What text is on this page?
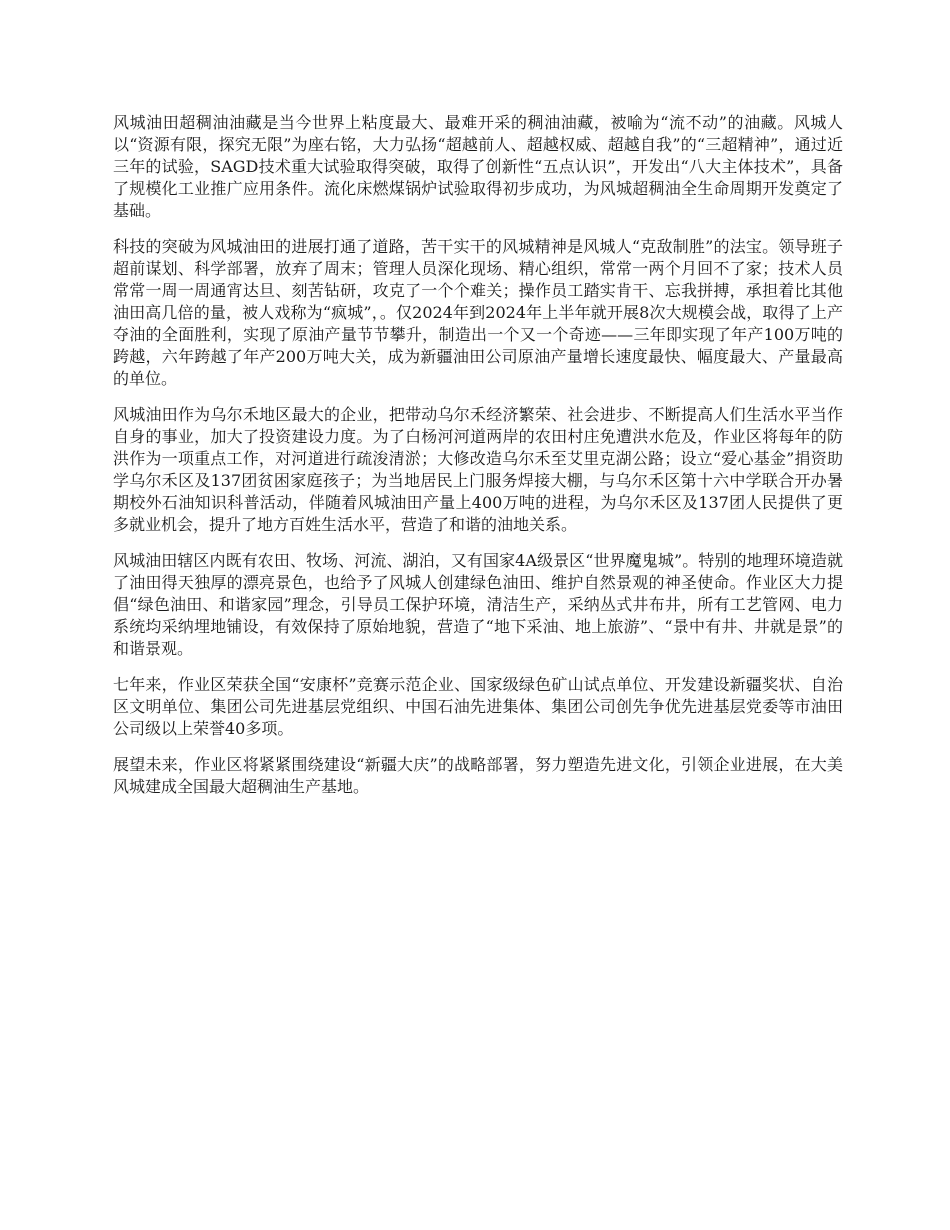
风城油田超稠油油藏是当今世界上粘度最大、最难开采的稠油油藏，被喻为“流不动”的油藏。风城人以“资源有限，探究无限”为座右铭，大力弘扬“超越前人、超越权威、超越自我”的“三超精神”，通过近三年的试验，SAGD技术重大试验取得突破，取得了创新性“五点认识”，开发出“八大主体技术”，具备了规模化工业推广应用条件。流化床燃煤锅炉试验取得初步成功，为风城超稠油全生命周期开发奠定了基础。

科技的突破为风城油田的进展打通了道路，苦干实干的风城精神是风城人“克敌制胜”的法宝。领导班子超前谋划、科学部署，放弃了周末；管理人员深化现场、精心组织，常常一两个月回不了家；技术人员常常一周一周通宵达旦、刻苦钻研，攻克了一个个难关；操作员工踏实肯干、忘我拼搏，承担着比其他油田高几倍的量，被人戏称为“疯城”，。仅2024年到2024年上半年就开展8次大规模会战，取得了上产夺油的全面胜利，实现了原油产量节节攀升，制造出一个又一个奇迹——三年即实现了年产100万吨的跨越，六年跨越了年产200万吨大关，成为新疆油田公司原油产量增长速度最快、幅度最大、产量最高的单位。

风城油田作为乌尔禾地区最大的企业，把带动乌尔禾经济繁荣、社会进步、不断提高人们生活水平当作自身的事业，加大了投资建设力度。为了白杨河河道两岸的农田村庄免遭洪水危及，作业区将每年的防洪作为一项重点工作，对河道进行疏浚清淤；大修改造乌尔禾至艾里克湖公路；设立“爱心基金”捐资助学乌尔禾区及137团贫困家庭孩子；为当地居民上门服务焊接大棚，与乌尔禾区第十六中学联合开办暑期校外石油知识科普活动，伴随着风城油田产量上400万吨的进程，为乌尔禾区及137团人民提供了更多就业机会，提升了地方百姓生活水平，营造了和谐的油地关系。

风城油田辖区内既有农田、牧场、河流、湖泊，又有国家4A级景区“世界魔鬼城”。特别的地理环境造就了油田得天独厚的漂亮景色，也给予了风城人创建绿色油田、维护自然景观的神圣使命。作业区大力提倡“绿色油田、和谐家园”理念，引导员工保护环境，清洁生产，采纳丛式井布井，所有工艺管网、电力系统均采纳埋地铺设，有效保持了原始地貌，营造了“地下采油、地上旅游”、“景中有井、井就是景”的和谐景观。

七年来，作业区荣获全国“安康杯”竞赛示范企业、国家级绿色矿山试点单位、开发建设新疆奖状、自治区文明单位、集团公司先进基层党组织、中国石油先进集体、集团公司创先争优先进基层党委等市油田公司级以上荣誉40多项。

展望未来，作业区将紧紧围绕建设“新疆大庆”的战略部署，努力塑造先进文化，引领企业进展，在大美风城建成全国最大超稠油生产基地。
